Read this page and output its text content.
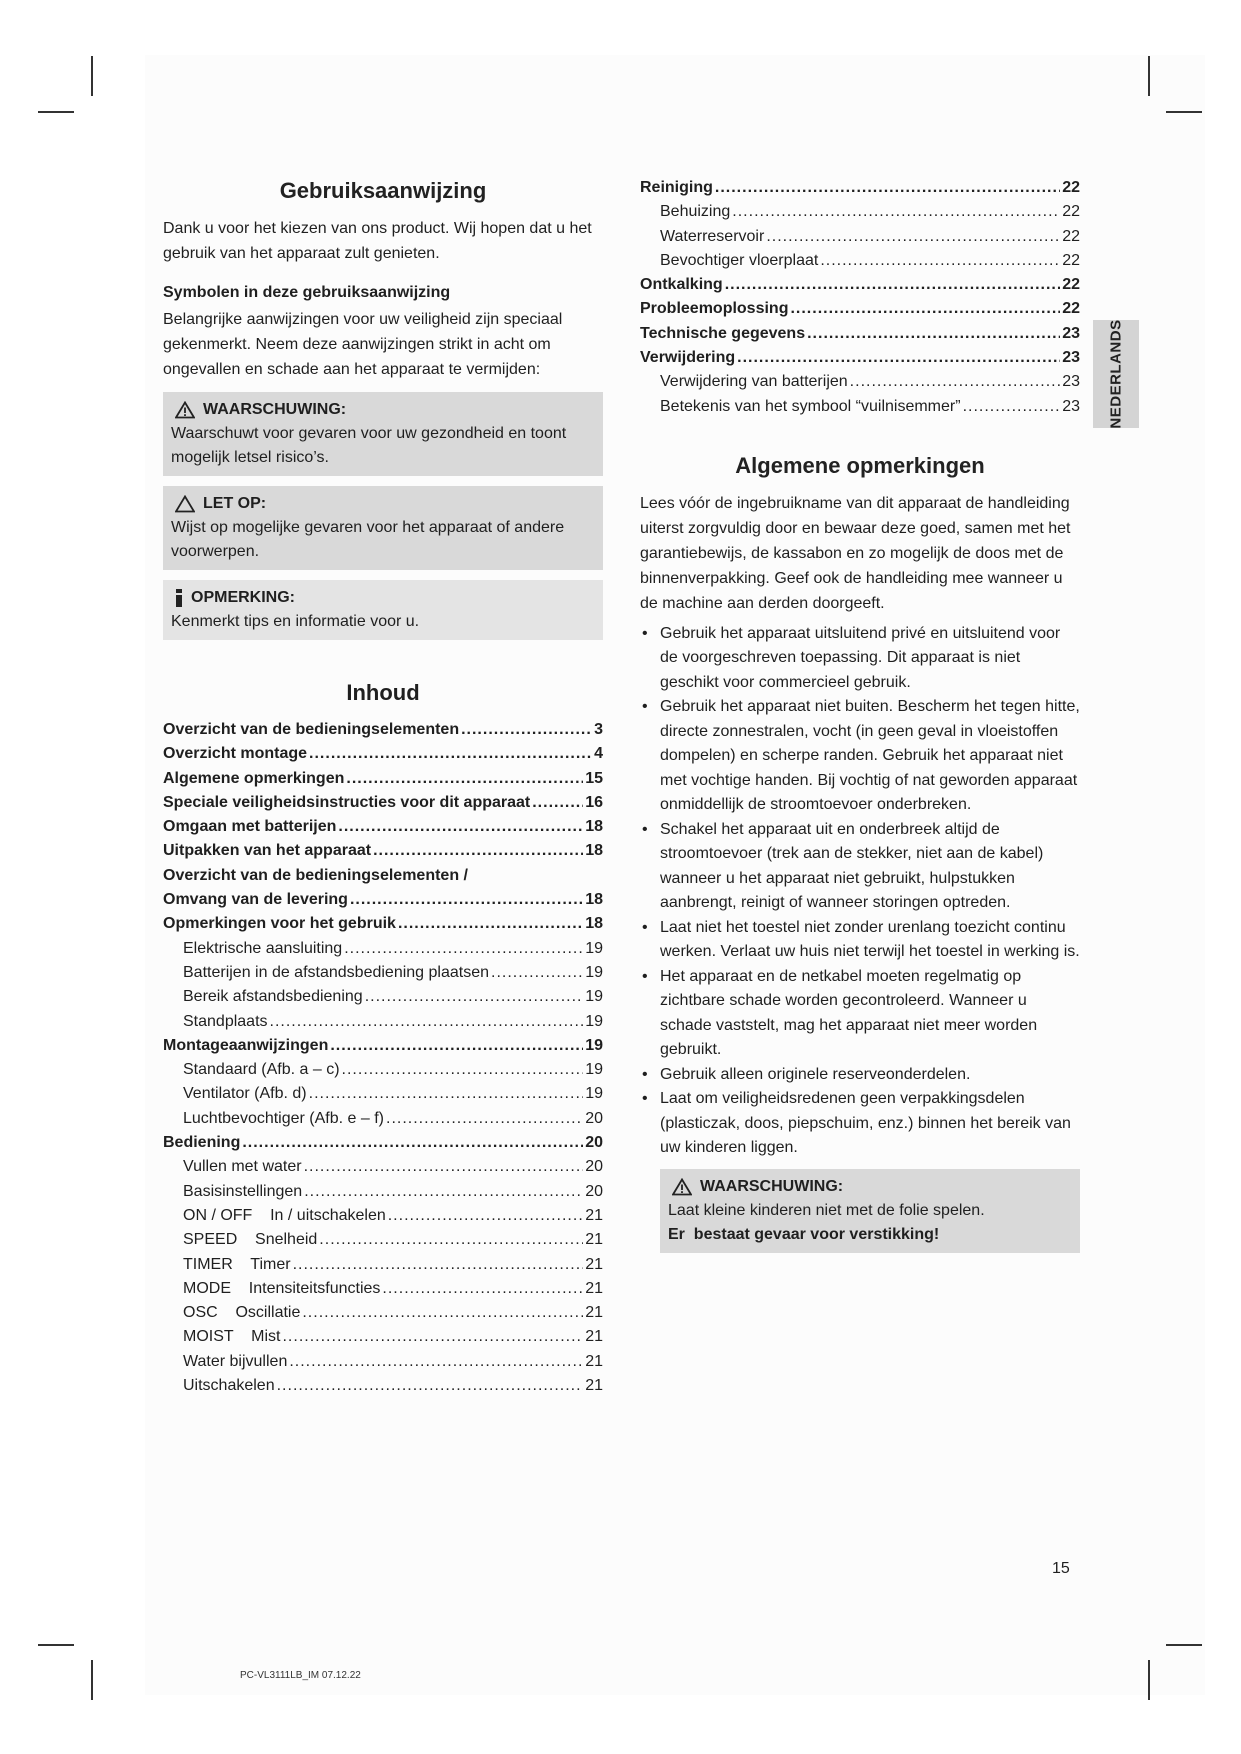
Gebruiksaanwijzing

Dank u voor het kiezen van ons product. Wij hopen dat u het gebruik van het apparaat zult genieten.

Symbolen in deze gebruiksaanwijzing

Belangrijke aanwijzingen voor uw veiligheid zijn speciaal gekenmerkt. Neem deze aanwijzingen strikt in acht om ongevallen en schade aan het apparaat te vermijden:

WAARSCHUWING:
Waarschuwt voor gevaren voor uw gezondheid en toont mogelijk letsel risico’s.
LET OP:
Wijst op mogelijke gevaren voor het apparaat of andere voorwerpen.
OPMERKING:
Kenmerkt tips en informatie voor u.
Inhoud
Overzicht van de bedieningselementen .....	3
Overzicht montage .....	4
Algemene opmerkingen .....	15
Speciale veiligheidsinstructies voor dit apparaat .....	16
Omgaan met batterijen .....	18
Uitpakken van het apparaat .....	18
Overzicht van de bedieningselementen /
Omvang van de levering .....	18
Opmerkingen voor het gebruik .....	18
Elektrische aansluiting .....	19
Batterijen in de afstandsbediening plaatsen .....	19
Bereik afstandsbediening .....	19
Standplaats .....	19
Montageaanwijzingen .....	19
Standaard (Afb. a – c) .....	19
Ventilator (Afb. d) .....	19
Luchtbevochtiger (Afb. e – f) .....	20
Bediening .....	20
Vullen met water .....	20
Basisinstellingen .....	20
ON / OFF    In / uitschakelen .....	21
SPEED    Snelheid .....	21
TIMER    Timer .....	21
MODE    Intensiteitsfuncties .....	21
OSC    Oscillatie .....	21
MOIST    Mist .....	21
Water bijvullen .....	21
Uitschakelen .....	21
Reiniging .....	22
Behuizing .....	22
Waterreservoir .....	22
Bevochtiger vloerplaat .....	22
Ontkalking .....	22
Probleemoplossing .....	22
Technische gegevens .....	23
Verwijdering .....	23
Verwijdering van batterijen .....	23
Betekenis van het symbool “vuilnisemmer” .....	23
Algemene opmerkingen

Lees vóór de ingebruikname van dit apparaat de handleiding uiterst zorgvuldig door en bewaar deze goed, samen met het garantiebewijs, de kassabon en zo mogelijk de doos met de binnenverpakking. Geef ook de handleiding mee wanneer u de machine aan derden doorgeeft.

• Gebruik het apparaat uitsluitend privé en uitsluitend voor de voorgeschreven toepassing. Dit apparaat is niet geschikt voor commercieel gebruik.
• Gebruik het apparaat niet buiten. Bescherm het tegen hitte, directe zonnestralen, vocht (in geen geval in vloeistoffen dompelen) en scherpe randen. Gebruik het apparaat niet met vochtige handen. Bij vochtig of nat geworden apparaat onmiddellijk de stroomtoevoer onderbreken.
• Schakel het apparaat uit en onderbreek altijd de stroomtoevoer (trek aan de stekker, niet aan de kabel) wanneer u het apparaat niet gebruikt, hulpstukken aanbrengt, reinigt of wanneer storingen optreden.
• Laat niet het toestel niet zonder urenlang toezicht continu werken. Verlaat uw huis niet terwijl het toestel in werking is.
• Het apparaat en de netkabel moeten regelmatig op zichtbare schade worden gecontroleerd. Wanneer u schade vaststelt, mag het apparaat niet meer worden gebruikt.
• Gebruik alleen originele reserveonderdelen.
• Laat om veiligheidsredenen geen verpakkingsdelen (plasticzak, doos, piepschuim, enz.) binnen het bereik van uw kinderen liggen.
WAARSCHUWING:
Laat kleine kinderen niet met de folie spelen.
Er  bestaat gevaar voor verstikking!
NEDERLANDS
15
PC-VL3111LB_IM 07.12.22
